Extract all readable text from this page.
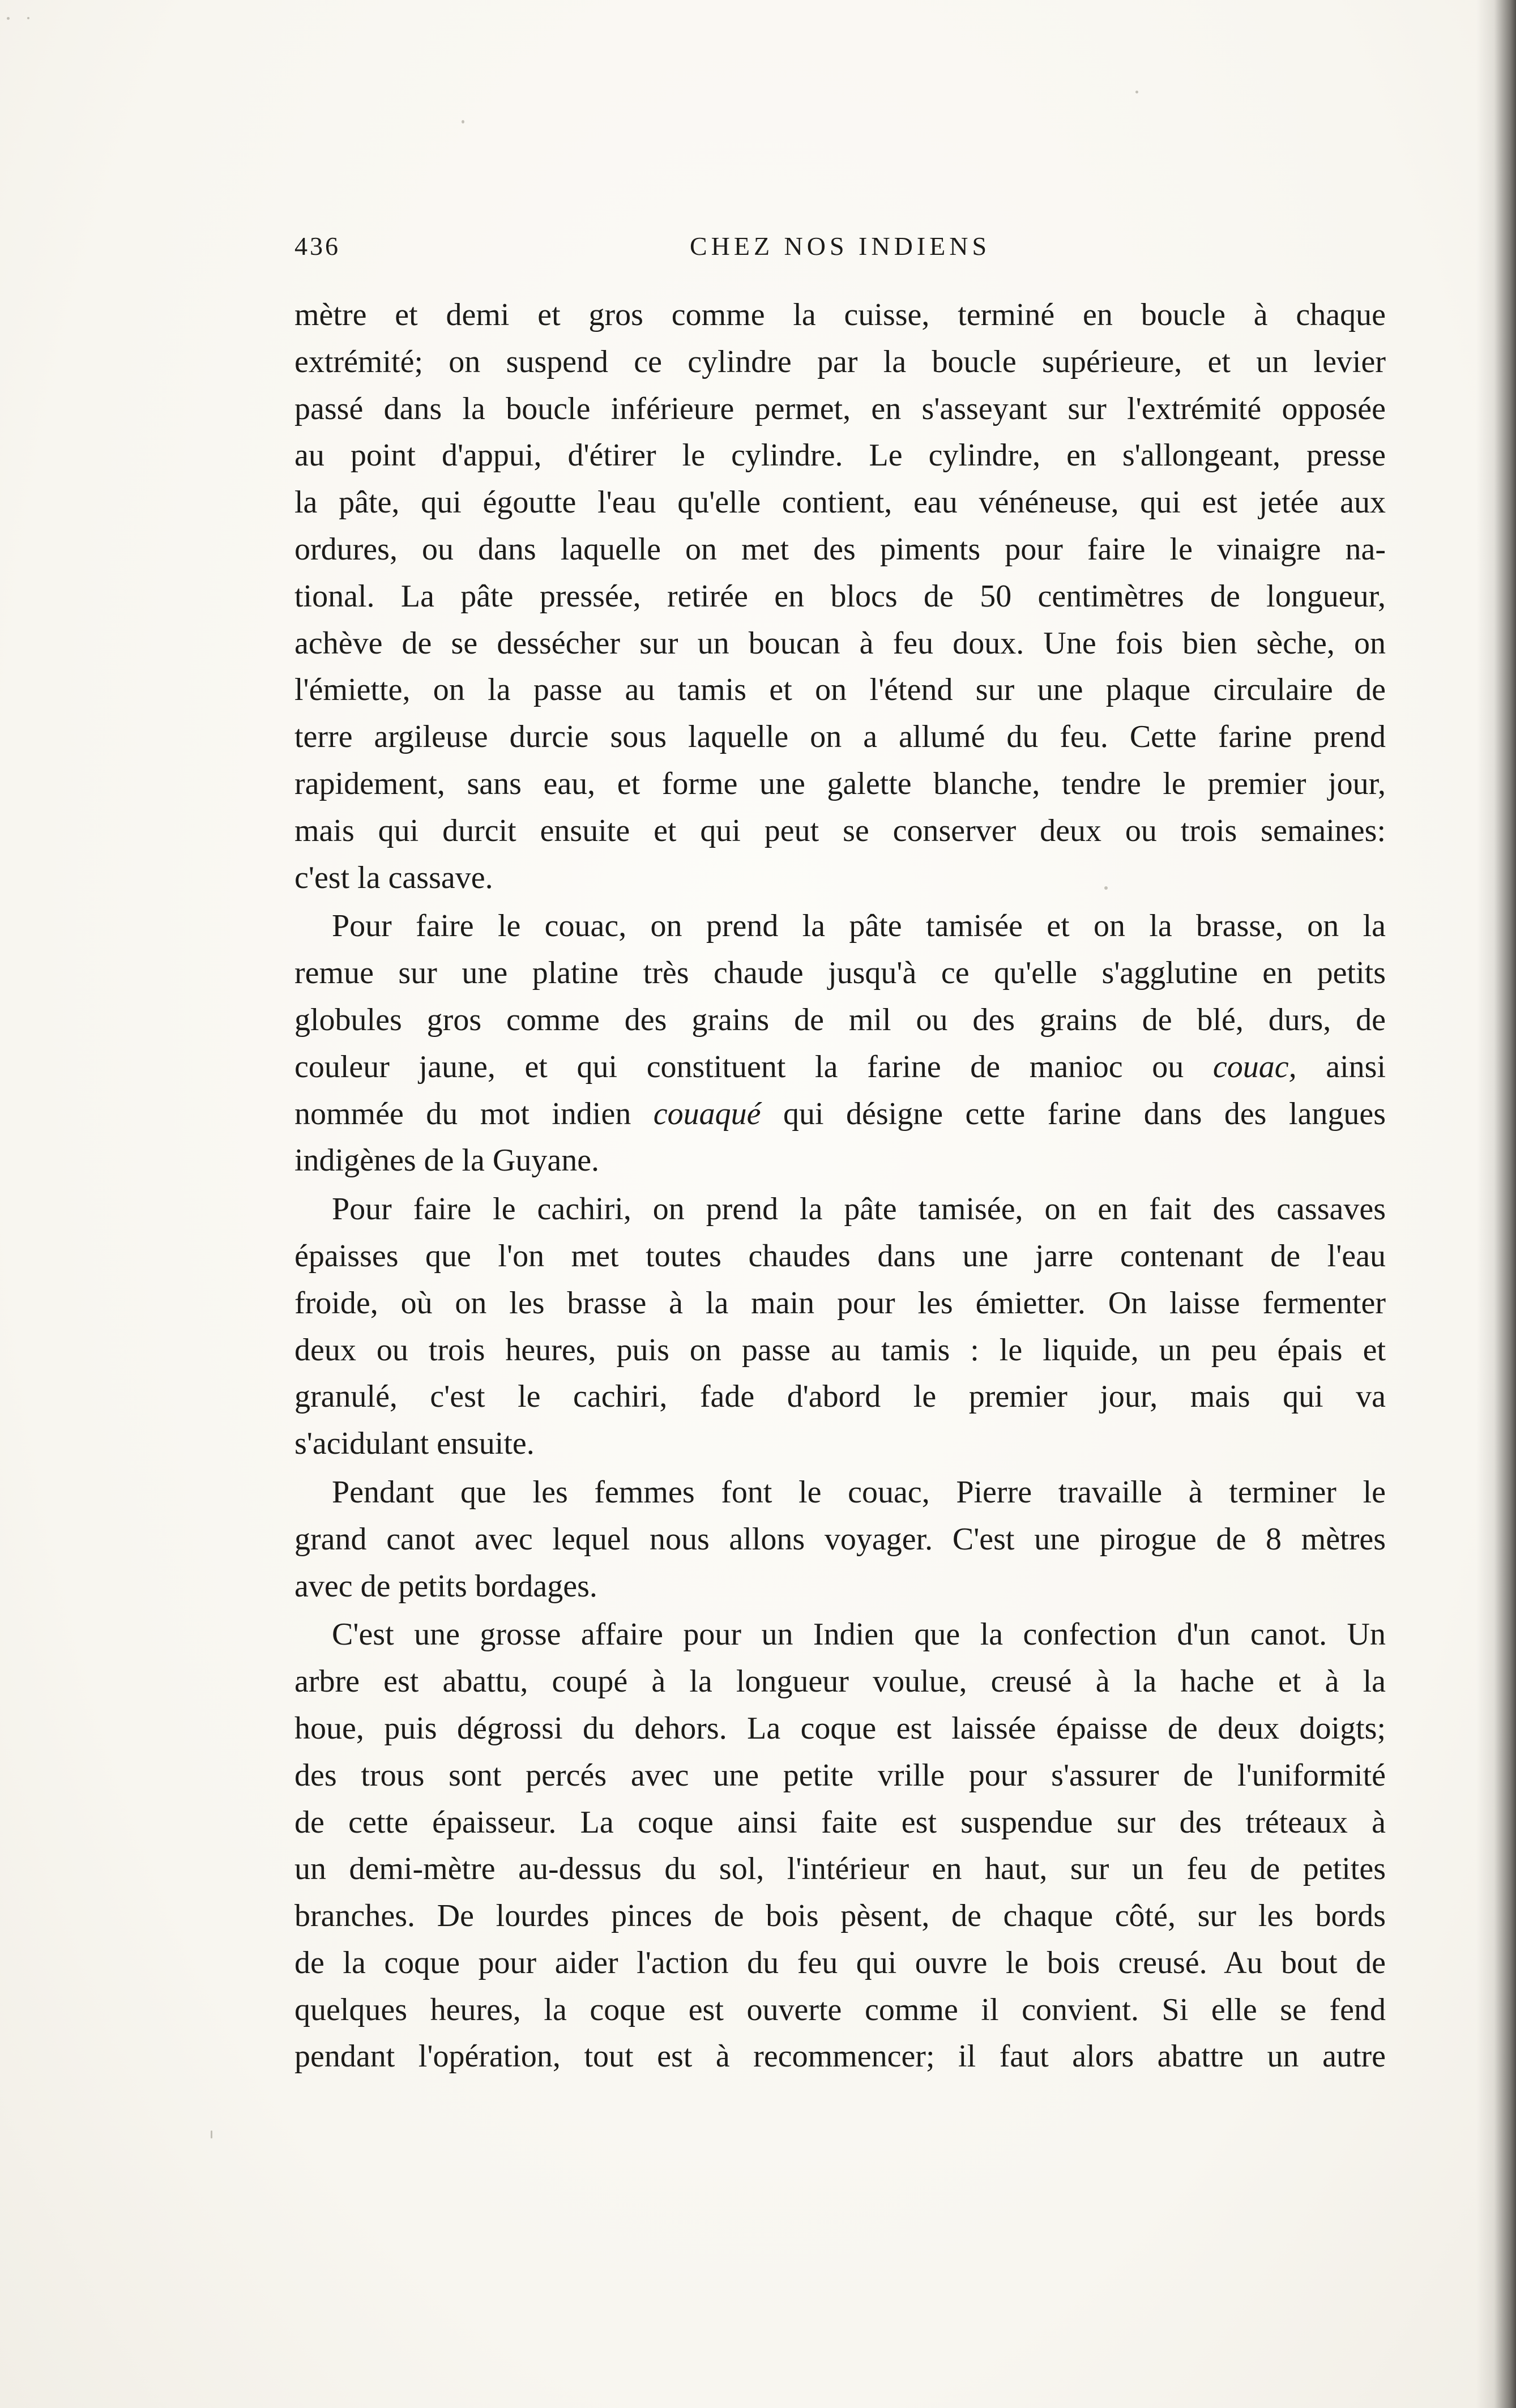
436	CHEZ NOS INDIENS
mètre et demi et gros comme la cuisse, terminé en boucle à chaque
extrémité; on suspend ce cylindre par la boucle supérieure, et un levier
passé dans la boucle inférieure permet, en s'asseyant sur l'extrémité opposée
au point d'appui, d'étirer le cylindre. Le cylindre, en s'allongeant, presse
la pâte, qui égoutte l'eau qu'elle contient, eau vénéneuse, qui est jetée aux
ordures, ou dans laquelle on met des piments pour faire le vinaigre na-
tional. La pâte pressée, retirée en blocs de 50 centimètres de longueur,
achève de se dessécher sur un boucan à feu doux. Une fois bien sèche, on
l'émiette, on la passe au tamis et on l'étend sur une plaque circulaire de
terre argileuse durcie sous laquelle on a allumé du feu. Cette farine prend
rapidement, sans eau, et forme une galette blanche, tendre le premier jour,
mais qui durcit ensuite et qui peut se conserver deux ou trois semaines:
c'est la cassave.
Pour faire le couac, on prend la pâte tamisée et on la brasse, on la
remue sur une platine très chaude jusqu'à ce qu'elle s'agglutine en petits
globules gros comme des grains de mil ou des grains de blé, durs, de
couleur jaune, et qui constituent la farine de manioc ou couac, ainsi
nommée du mot indien couaqué qui désigne cette farine dans des langues
indigènes de la Guyane.
Pour faire le cachiri, on prend la pâte tamisée, on en fait des cassaves
épaisses que l'on met toutes chaudes dans une jarre contenant de l'eau
froide, où on les brasse à la main pour les émietter. On laisse fermenter
deux ou trois heures, puis on passe au tamis : le liquide, un peu épais et
granulé, c'est le cachiri, fade d'abord le premier jour, mais qui va
s'acidulant ensuite.
Pendant que les femmes font le couac, Pierre travaille à terminer le
grand canot avec lequel nous allons voyager. C'est une pirogue de 8 mètres
avec de petits bordages.
C'est une grosse affaire pour un Indien que la confection d'un canot. Un
arbre est abattu, coupé à la longueur voulue, creusé à la hache et à la
houe, puis dégrossi du dehors. La coque est laissée épaisse de deux doigts;
des trous sont percés avec une petite vrille pour s'assurer de l'uniformité
de cette épaisseur. La coque ainsi faite est suspendue sur des tréteaux à
un demi-mètre au-dessus du sol, l'intérieur en haut, sur un feu de petites
branches. De lourdes pinces de bois pèsent, de chaque côté, sur les bords
de la coque pour aider l'action du feu qui ouvre le bois creusé. Au bout de
quelques heures, la coque est ouverte comme il convient. Si elle se fend
pendant l'opération, tout est à recommencer; il faut alors abattre un autre
